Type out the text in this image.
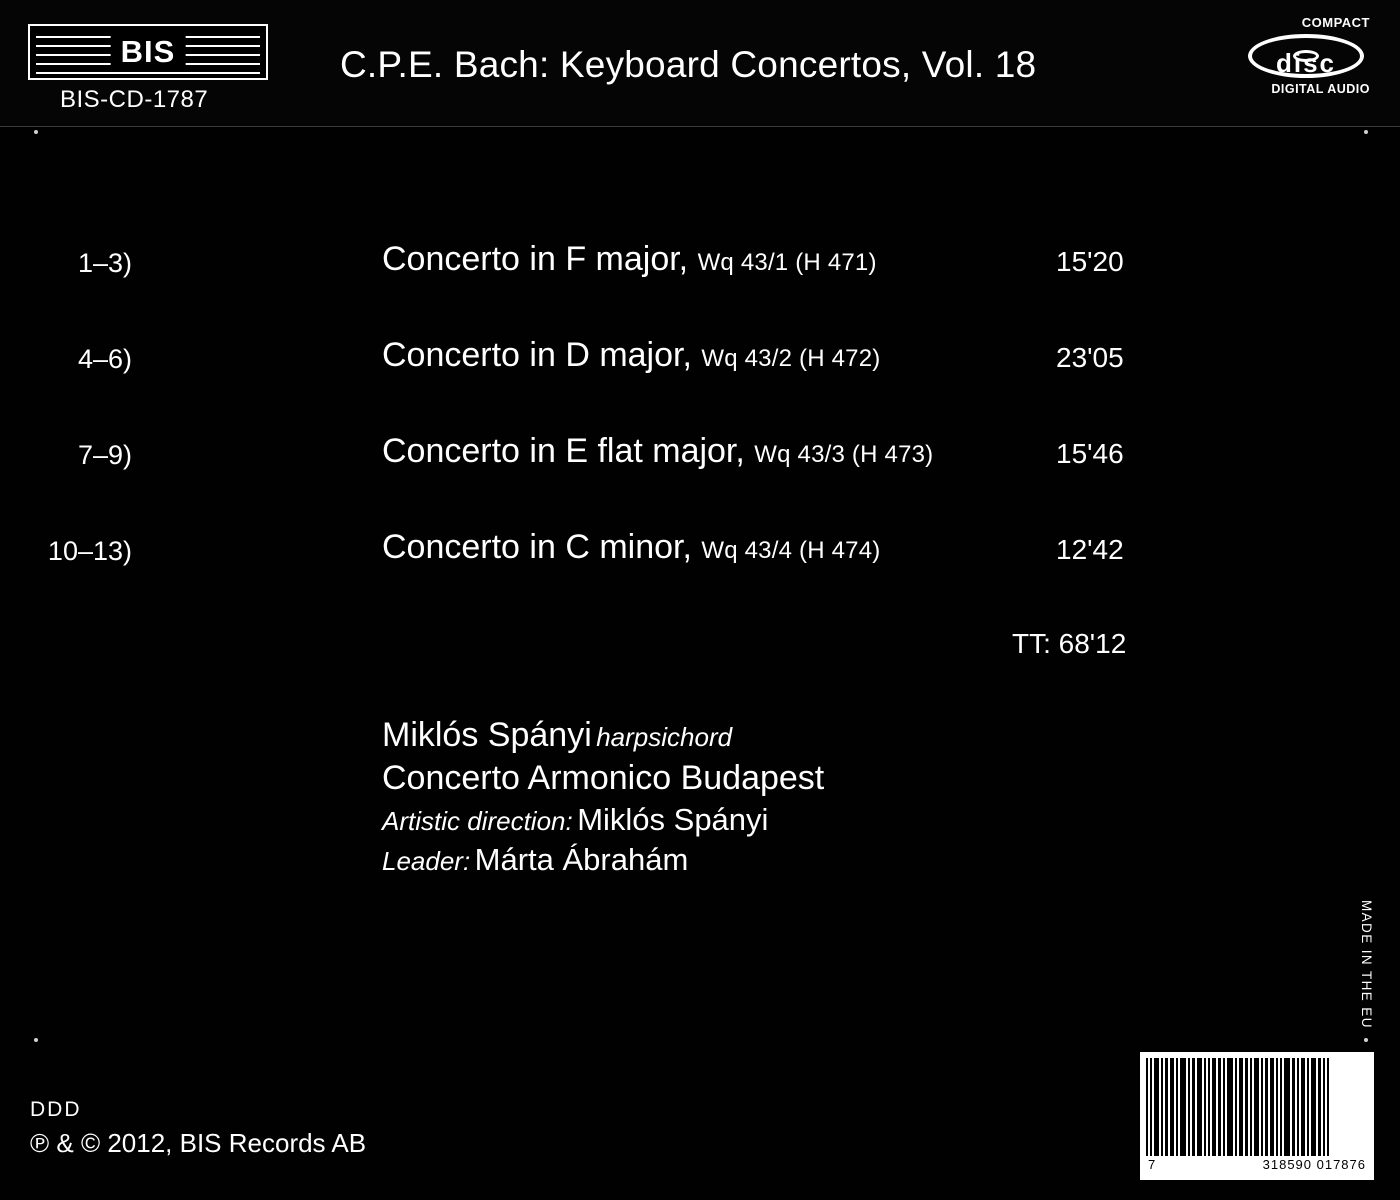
BIS
BIS-CD-1787
C.P.E. Bach: Keyboard Concertos, Vol. 18
COMPACT
disc
DIGITAL AUDIO
1–3)	Concerto in F major, Wq 43/1 (H 471)	15'20
4–6)	Concerto in D major, Wq 43/2 (H 472)	23'05
7–9)	Concerto in E flat major, Wq 43/3 (H 473)	15'46
10–13)	Concerto in C minor, Wq 43/4 (H 474)	12'42
TT: 68'12
Miklós Spányi harpsichord
Concerto Armonico Budapest
Artistic direction: Miklós Spányi
Leader: Márta Ábrahám
MADE IN THE EU
DDD
℗ & © 2012, BIS Records AB
7	318590 017876
